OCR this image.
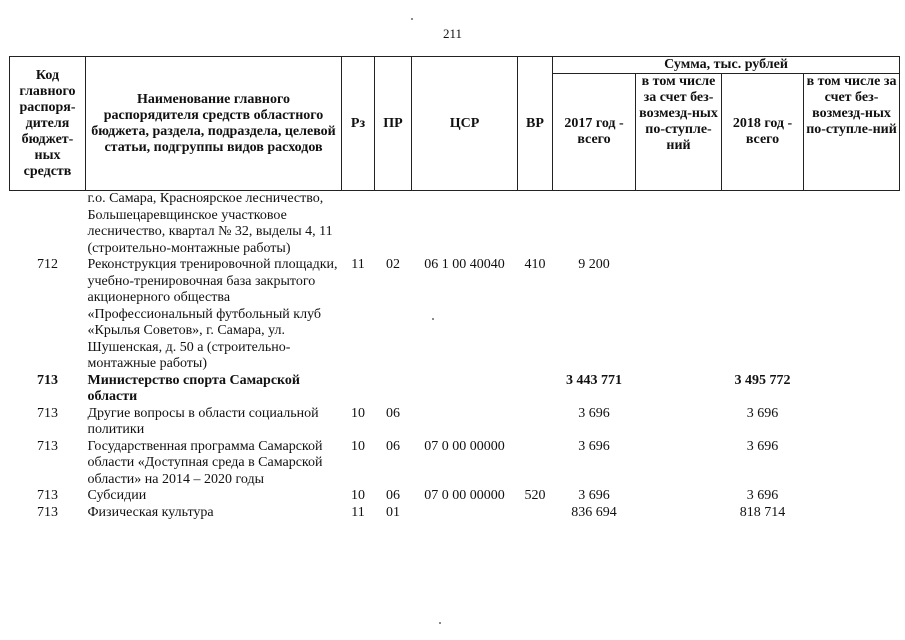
211
Код главного распоря-дителя бюджет-ных средств	Наименование главного распорядителя средств областного бюджета, раздела, подраздела, целевой статьи, подгруппы видов расходов	Рз	ПР	ЦСР	ВР	Сумма, тыс. рублей			
						2017 год - всего	в том числе за счет без-возмезд-ных по-ступле-ний	2018 год - всего	в том числе за счет без-возмезд-ных по-ступле-ний
	г.о. Самара, Красноярское лесничество, Большецаревщинское участковое лесничество, квартал № 32, выделы 4, 11 (строительно-монтажные работы)								
712	Реконструкция тренировочной площадки, учебно-тренировочная база закрытого акционерного общества «Профессиональный футбольный клуб «Крылья Советов», г. Самара, ул. Шушенская, д. 50 а (строительно-монтажные работы)	11	02	06 1 00 40040	410	9 200			
713	Министерство спорта Самарской области					3 443 771		3 495 772	
713	Другие вопросы в области социальной политики	10	06			3 696		3 696	
713	Государственная программа Самарской области «Доступная среда в Самарской области» на 2014 – 2020 годы	10	06	07 0 00 00000		3 696		3 696	
713	Субсидии	10	06	07 0 00 00000	520	3 696		3 696	
713	Физическая культура	11	01			836 694		818 714	
